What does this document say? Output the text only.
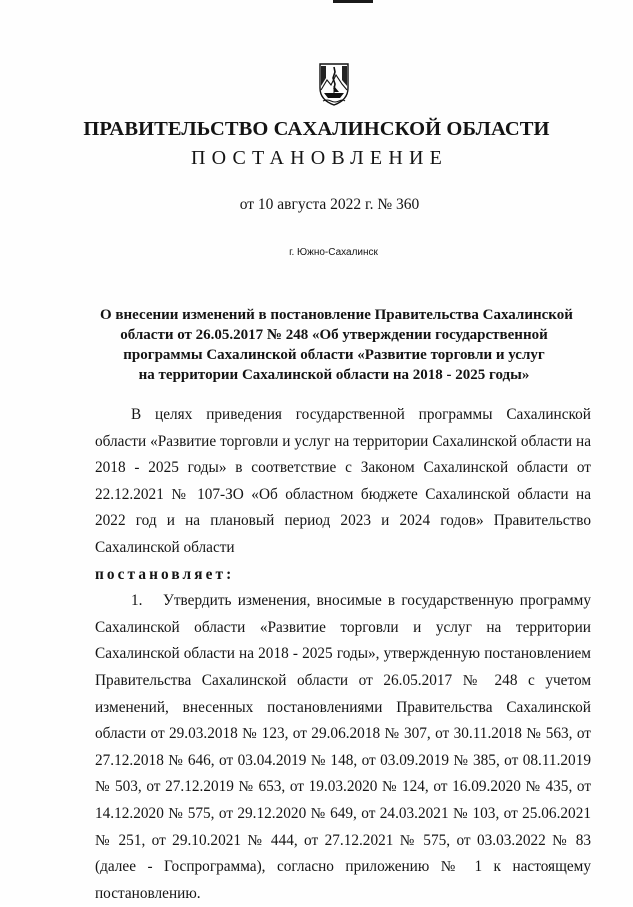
ПРАВИТЕЛЬСТВО САХАЛИНСКОЙ ОБЛАСТИ
ПОСТАНОВЛЕНИЕ
от 10 августа 2022 г. № 360
г. Южно-Сахалинск
О внесении изменений в постановление Правительства Сахалинской
области от 26.05.2017 № 248 «Об утверждении государственной
программы Сахалинской области «Развитие торговли и услуг
на территории Сахалинской области на 2018 - 2025 годы»

В целях приведения государственной программы Сахалинской области «Развитие торговли и услуг на территории Сахалинской области на 2018 - 2025 годы» в соответствие с Законом Сахалинской области от 22.12.2021 № 107-ЗО «Об областном бюджете Сахалинской области на 2022 год и на плановый период 2023 и 2024 годов» Правительство Сахалинской области

постановляет:

1. Утвердить изменения, вносимые в государственную программу Сахалинской области «Развитие торговли и услуг на территории Сахалинской области на 2018 - 2025 годы», утвержденную постановлением Правительства Сахалинской области от 26.05.2017 № 248 с учетом изменений, внесенных постановлениями Правительства Сахалинской области от 29.03.2018 № 123, от 29.06.2018 № 307, от 30.11.2018 № 563, от 27.12.2018 № 646, от 03.04.2019 № 148, от 03.09.2019 № 385, от 08.11.2019 № 503, от 27.12.2019 № 653, от 19.03.2020 № 124, от 16.09.2020 № 435, от 14.12.2020 № 575, от 29.12.2020 № 649, от 24.03.2021 № 103, от 25.06.2021 № 251, от 29.10.2021 № 444, от 27.12.2021 № 575, от 03.03.2022 № 83 (далее - Госпрограмма), согласно приложению № 1 к настоящему постановлению.
